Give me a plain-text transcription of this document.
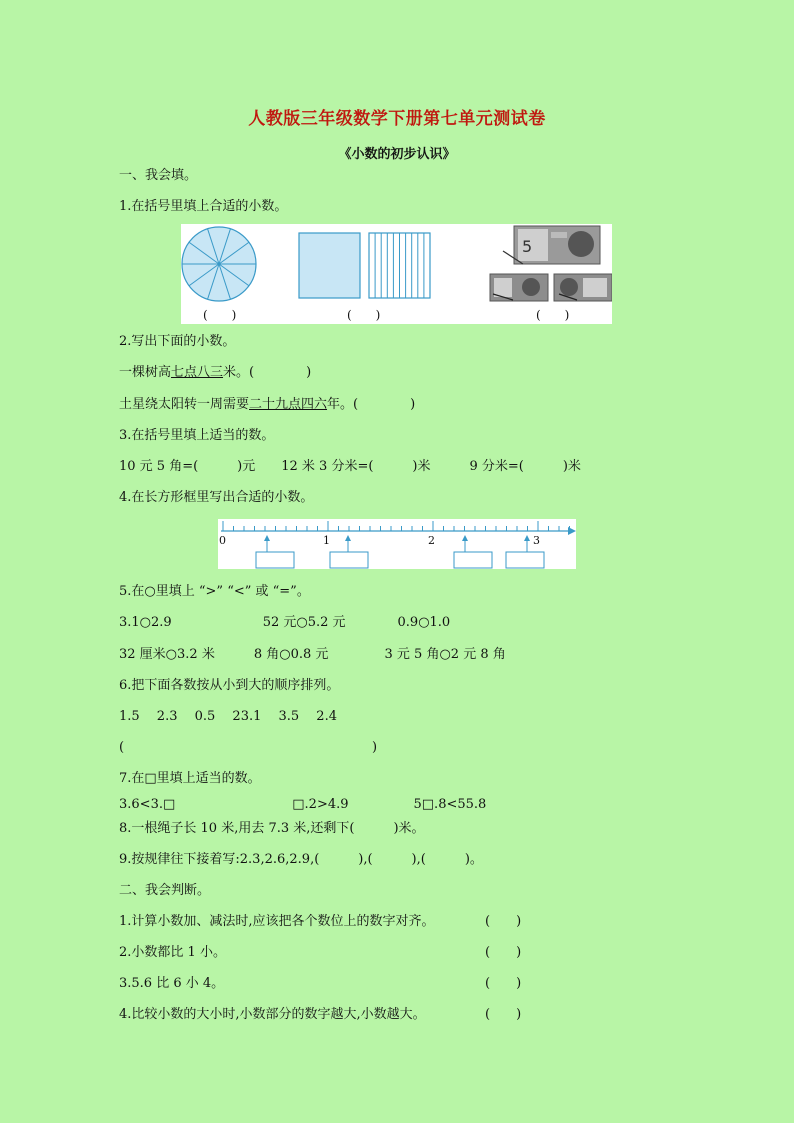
人教版三年级数学下册第七单元测试卷
《小数的初步认识》
一、我会填。
1.在括号里填上合适的小数。
5
(　　)	(　　)	(　　)
2.写出下面的小数。
一棵树高七点八三米。(　　　　)
土星绕太阳转一周需要二十九点四六年。(　　　　)
3.在括号里填上适当的数。
10 元 5 角=(　　　)元　　12 米 3 分米=(　　　)米　　　9 分米=(　　　)米
4.在长方形框里写出合适的小数。
0	1	2	3
5.在○里填上 “>” “<” 或 “=”。
3.1○2.9　　　　　　　52 元○5.2 元　　　　0.9○1.0
32 厘米○3.2 米　　　8 角○0.8 元　　　　 3 元 5 角○2 元 8 角
6.把下面各数按从小到大的顺序排列。
1.5　 2.3　 0.5　 23.1　 3.5　 2.4
(                                                            )
7.在□里填上适当的数。
3.6<3.□　　　　　　　　　□.2>4.9　　　　　5□.8<55.8
8.一根绳子长 10 米,用去 7.3 米,还剩下(　　　)米。
9.按规律往下接着写:2.3,2.6,2.9,(　　　),(　　　),(　　　)。
二、我会判断。
1.计算小数加、减法时,应该把各个数位上的数字对齐。	(　　)
2.小数都比 1 小。	(　　)
3.5.6 比 6 小 4。	(　　)
4.比较小数的大小时,小数部分的数字越大,小数越大。	(　　)
